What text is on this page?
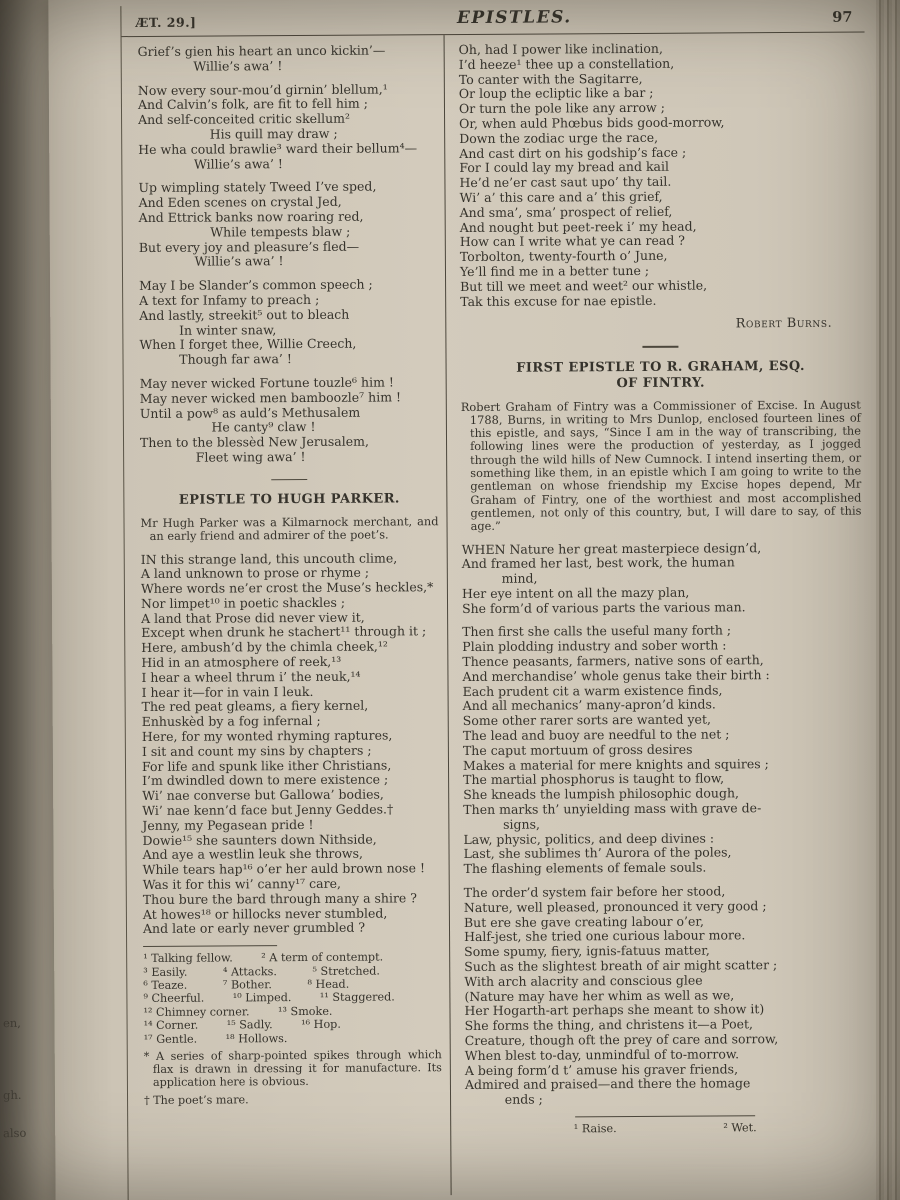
en,
gh.
also
ÆT. 29.]	EPISTLES.	97
Grief’s gien his heart an unco kickin’—
Willie’s awa’ !
Now every sour-mou’d girnin’ blellum,¹
And Calvin’s folk, are fit to fell him ;
And self-conceited critic skellum²
His quill may draw ;
He wha could brawlie³ ward their bellum⁴—
Willie’s awa’ !
Up wimpling stately Tweed I’ve sped,
And Eden scenes on crystal Jed,
And Ettrick banks now roaring red,
While tempests blaw ;
But every joy and pleasure’s fled—
Willie’s awa’ !
May I be Slander’s common speech ;
A text for Infamy to preach ;
And lastly, streekit⁵ out to bleach
In winter snaw,
When I forget thee, Willie Creech,
Though far awa’ !
May never wicked Fortune touzle⁶ him !
May never wicked men bamboozle⁷ him !
Until a pow⁸ as auld’s Methusalem
He canty⁹ claw !
Then to the blessèd New Jerusalem,
Fleet wing awa’ !
EPISTLE TO HUGH PARKER.

Mr Hugh Parker was a Kilmarnock merchant, and an early friend and admirer of the poet’s.

IN this strange land, this uncouth clime,
A land unknown to prose or rhyme ;
Where words ne’er crost the Muse’s heckles,*
Nor limpet¹⁰ in poetic shackles ;
A land that Prose did never view it,
Except when drunk he stachert¹¹ through it ;
Here, ambush’d by the chimla cheek,¹²
Hid in an atmosphere of reek,¹³
I hear a wheel thrum i’ the neuk,¹⁴
I hear it—for in vain I leuk.
The red peat gleams, a fiery kernel,
Enhuskèd by a fog infernal ;
Here, for my wonted rhyming raptures,
I sit and count my sins by chapters ;
For life and spunk like ither Christians,
I’m dwindled down to mere existence ;
Wi’ nae converse but Gallowa’ bodies,
Wi’ nae kenn’d face but Jenny Geddes.†
Jenny, my Pegasean pride !
Dowie¹⁵ she saunters down Nithside,
And aye a westlin leuk she throws,
While tears hap¹⁶ o’er her auld brown nose !
Was it for this wi’ canny¹⁷ care,
Thou bure the bard through many a shire ?
At howes¹⁸ or hillocks never stumbled,
And late or early never grumbled ?
¹ Talking fellow.        ² A term of contempt.
³ Easily.          ⁴ Attacks.          ⁵ Stretched.
⁶ Teaze.          ⁷ Bother.          ⁸ Head.
⁹ Cheerful.        ¹⁰ Limped.        ¹¹ Staggered.
¹² Chimney corner.        ¹³ Smoke.
¹⁴ Corner.        ¹⁵ Sadly.        ¹⁶ Hop.
¹⁷ Gentle.        ¹⁸ Hollows.

* A series of sharp-pointed spikes through which flax is drawn in dressing it for manufacture. Its application here is obvious.

† The poet’s mare.

Oh, had I power like inclination,
I’d heeze¹ thee up a constellation,
To canter with the Sagitarre,
Or loup the ecliptic like a bar ;
Or turn the pole like any arrow ;
Or, when auld Phœbus bids good-morrow,
Down the zodiac urge the race,
And cast dirt on his godship’s face ;
For I could lay my bread and kail
He’d ne’er cast saut upo’ thy tail.
Wi’ a’ this care and a’ this grief,
And sma’, sma’ prospect of relief,
And nought but peet-reek i’ my head,
How can I write what ye can read ?
Torbolton, twenty-fourth o’ June,
Ye’ll find me in a better tune ;
But till we meet and weet² our whistle,
Tak this excuse for nae epistle.
Robert Burns.
FIRST EPISTLE TO R. GRAHAM, ESQ.
OF FINTRY.

Robert Graham of Fintry was a Commissioner of Excise. In August 1788, Burns, in writing to Mrs Dunlop, enclosed fourteen lines of this epistle, and says, “Since I am in the way of transcribing, the following lines were the production of yesterday, as I jogged through the wild hills of New Cumnock. I intend inserting them, or something like them, in an epistle which I am going to write to the gentleman on whose friendship my Excise hopes depend, Mr Graham of Fintry, one of the worthiest and most accomplished gentlemen, not only of this country, but, I will dare to say, of this age.”

WHEN Nature her great masterpiece design’d,
And framed her last, best work, the human
mind,
Her eye intent on all the mazy plan,
She form’d of various parts the various man.
Then first she calls the useful many forth ;
Plain plodding industry and sober worth :
Thence peasants, farmers, native sons of earth,
And merchandise’ whole genus take their birth :
Each prudent cit a warm existence finds,
And all mechanics’ many-apron’d kinds.
Some other rarer sorts are wanted yet,
The lead and buoy are needful to the net ;
The caput mortuum of gross desires
Makes a material for mere knights and squires ;
The martial phosphorus is taught to flow,
She kneads the lumpish philosophic dough,
Then marks th’ unyielding mass with grave de-
signs,
Law, physic, politics, and deep divines :
Last, she sublimes th’ Aurora of the poles,
The flashing elements of female souls.
The order’d system fair before her stood,
Nature, well pleased, pronounced it very good ;
But ere she gave creating labour o’er,
Half-jest, she tried one curious labour more.
Some spumy, fiery, ignis-fatuus matter,
Such as the slightest breath of air might scatter ;
With arch alacrity and conscious glee
(Nature may have her whim as well as we,
Her Hogarth-art perhaps she meant to show it)
She forms the thing, and christens it—a Poet,
Creature, though oft the prey of care and sorrow,
When blest to-day, unmindful of to-morrow.
A being form’d t’ amuse his graver friends,
Admired and praised—and there the homage
ends ;
¹ Raise.                              ² Wet.
